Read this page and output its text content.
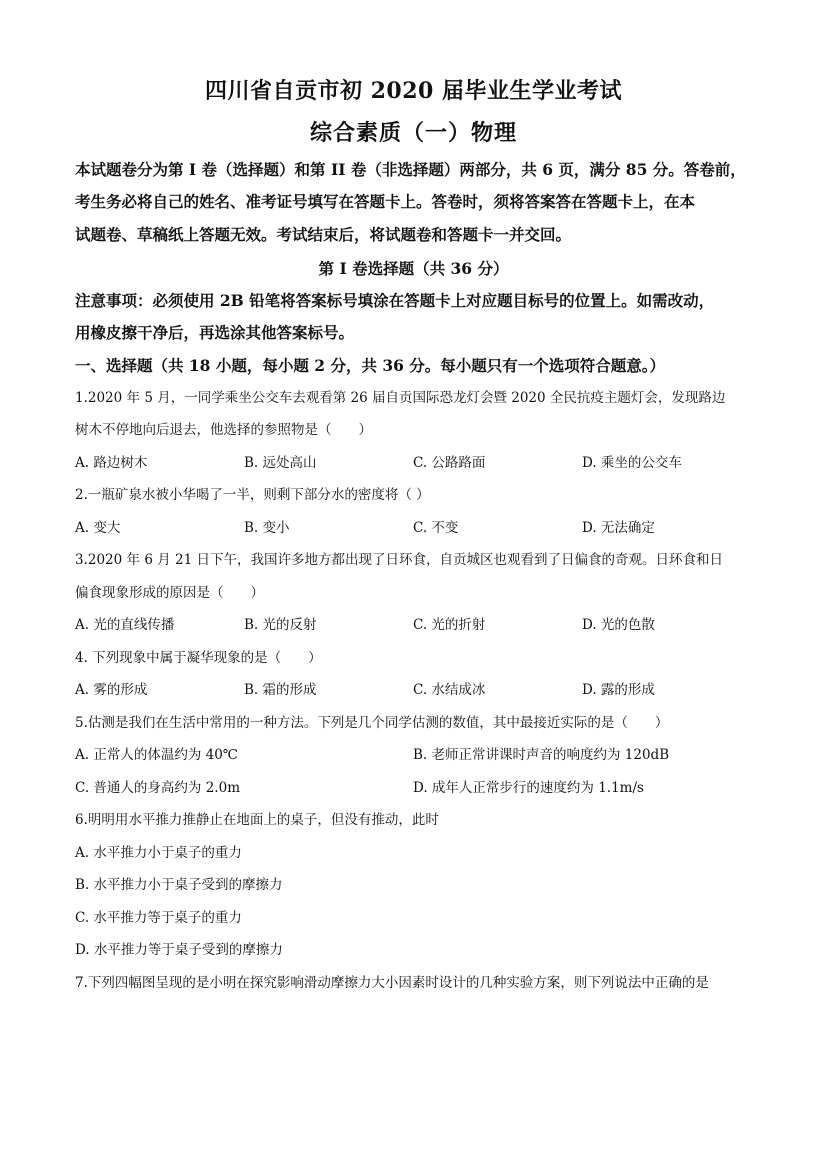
四川省自贡市初 2020 届毕业生学业考试
综合素质（一）物理
本试题卷分为第 I 卷（选择题）和第 II 卷（非选择题）两部分，共 6 页，满分 85 分。答卷前，
考生务必将自己的姓名、准考证号填写在答题卡上。答卷时，须将答案答在答题卡上，在本
试题卷、草稿纸上答题无效。考试结束后，将试题卷和答题卡一并交回。
第 I 卷选择题（共 36 分）
注意事项：必须使用 2B 铅笔将答案标号填涂在答题卡上对应题目标号的位置上。如需改动，
用橡皮擦干净后，再选涂其他答案标号。
一、选择题（共 18 小题，每小题 2 分，共 36 分。每小题只有一个选项符合题意。）
1.2020 年 5 月，一同学乘坐公交车去观看第 26 届自贡国际恐龙灯会暨 2020 全民抗疫主题灯会，发现路边
树木不停地向后退去，他选择的参照物是（　　）
A. 路边树木	B. 远处高山	C. 公路路面	D. 乘坐的公交车
2.一瓶矿泉水被小华喝了一半，则剩下部分水的密度将（ ）
A. 变大	B. 变小	C. 不变	D. 无法确定
3.2020 年 6 月 21 日下午，我国许多地方都出现了日环食，自贡城区也观看到了日偏食的奇观。日环食和日
偏食现象形成的原因是（　　）
A. 光的直线传播	B. 光的反射	C. 光的折射	D. 光的色散
4. 下列现象中属于凝华现象的是（　　）
A. 雾的形成	B. 霜的形成	C. 水结成冰	D. 露的形成
5.估测是我们在生活中常用的一种方法。下列是几个同学估测的数值，其中最接近实际的是（　　）
A. 正常人的体温约为 40℃	B. 老师正常讲课时声音的响度约为 120dB
C. 普通人的身高约为 2.0m	D. 成年人正常步行的速度约为 1.1m/s
6.明明用水平推力推静止在地面上的桌子，但没有推动，此时
A. 水平推力小于桌子的重力
B. 水平推力小于桌子受到的摩擦力
C. 水平推力等于桌子的重力
D. 水平推力等于桌子受到的摩擦力
7.下列四幅图呈现的是小明在探究影响滑动摩擦力大小因素时设计的几种实验方案，则下列说法中正确的是
